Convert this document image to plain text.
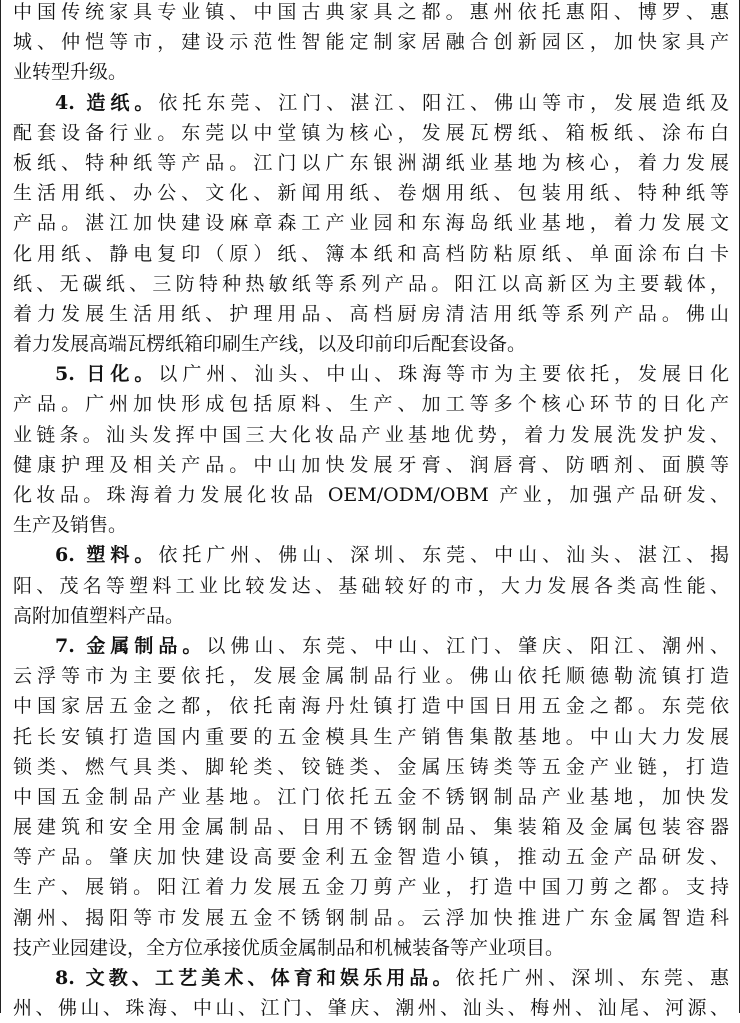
中国传统家具专业镇、中国古典家具之都。惠州依托惠阳、博罗、惠
城、仲恺等市，建设示范性智能定制家居融合创新园区，加快家具产
业转型升级。
4. 造纸。依托东莞、江门、湛江、阳江、佛山等市，发展造纸及
配套设备行业。东莞以中堂镇为核心，发展瓦楞纸、箱板纸、涂布白
板纸、特种纸等产品。江门以广东银洲湖纸业基地为核心，着力发展
生活用纸、办公、文化、新闻用纸、卷烟用纸、包装用纸、特种纸等
产品。湛江加快建设麻章森工产业园和东海岛纸业基地，着力发展文
化用纸、静电复印（原）纸、簿本纸和高档防粘原纸、单面涂布白卡
纸、无碳纸、三防特种热敏纸等系列产品。阳江以高新区为主要载体，
着力发展生活用纸、护理用品、高档厨房清洁用纸等系列产品。佛山
着力发展高端瓦楞纸箱印刷生产线，以及印前印后配套设备。
5. 日化。以广州、汕头、中山、珠海等市为主要依托，发展日化
产品。广州加快形成包括原料、生产、加工等多个核心环节的日化产
业链条。汕头发挥中国三大化妆品产业基地优势，着力发展洗发护发、
健康护理及相关产品。中山加快发展牙膏、润唇膏、防晒剂、面膜等
化妆品。珠海着力发展化妆品 OEM/ODM/OBM 产业，加强产品研发、
生产及销售。
6. 塑料。依托广州、佛山、深圳、东莞、中山、汕头、湛江、揭
阳、茂名等塑料工业比较发达、基础较好的市，大力发展各类高性能、
高附加值塑料产品。
7. 金属制品。以佛山、东莞、中山、江门、肇庆、阳江、潮州、
云浮等市为主要依托，发展金属制品行业。佛山依托顺德勒流镇打造
中国家居五金之都，依托南海丹灶镇打造中国日用五金之都。东莞依
托长安镇打造国内重要的五金模具生产销售集散基地。中山大力发展
锁类、燃气具类、脚轮类、铰链类、金属压铸类等五金产业链，打造
中国五金制品产业基地。江门依托五金不锈钢制品产业基地，加快发
展建筑和安全用金属制品、日用不锈钢制品、集装箱及金属包装容器
等产品。肇庆加快建设高要金利五金智造小镇，推动五金产品研发、
生产、展销。阳江着力发展五金刀剪产业，打造中国刀剪之都。支持
潮州、揭阳等市发展五金不锈钢制品。云浮加快推进广东金属智造科
技产业园建设，全方位承接优质金属制品和机械装备等产业项目。
8. 文教、工艺美术、体育和娱乐用品。依托广州、深圳、东莞、惠
州、佛山、珠海、中山、江门、肇庆、潮州、汕头、梅州、汕尾、河源、
